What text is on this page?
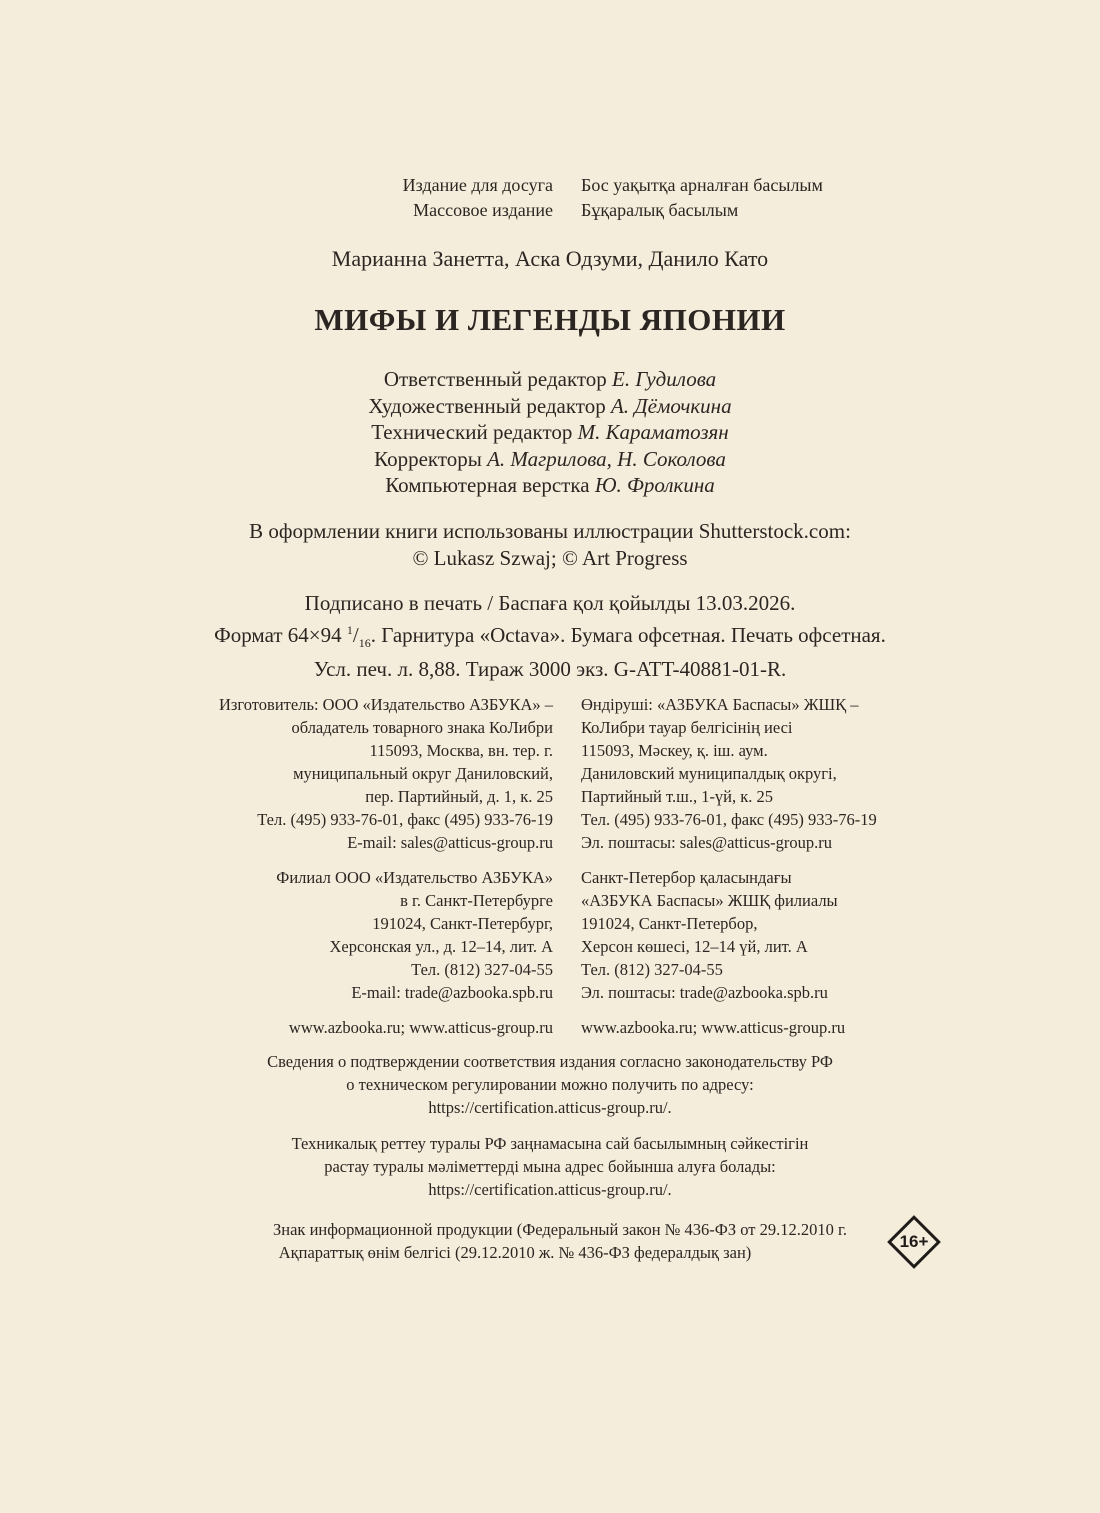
Издание для досуга
Массовое издание
Бос уақытқа арналған басылым
Бұқаралық басылым
Марианна Занетта, Аска Одзуми, Данило Като
МИФЫ И ЛЕГЕНДЫ ЯПОНИИ
Ответственный редактор Е. Гудилова
Художественный редактор А. Дёмочкина
Технический редактор М. Караматозян
Корректоры А. Магрилова, Н. Соколова
Компьютерная верстка Ю. Фролкина
В оформлении книги использованы иллюстрации Shutterstock.com:
© Lukasz Szwaj; © Art Progress
Подписано в печать / Баспаға қол қойылды 13.03.2026.
Формат 64×94 $^1/_{16}$. Гарнитура «Octava». Бумага офсетная. Печать офсетная.
Усл. печ. л. 8,88. Тираж 3000 экз. G-ATT-40881-01-R.
Изготовитель: ООО «Издательство АЗБУКА» –
обладатель товарного знака КоЛибри
115093, Москва, вн. тер. г.
муниципальный округ Даниловский,
пер. Партийный, д. 1, к. 25
Тел. (495) 933-76-01, факс (495) 933-76-19
E-mail: sales@atticus-group.ru
Филиал ООО «Издательство АЗБУКА»
в г. Санкт-Петербурге
191024, Санкт-Петербург,
Херсонская ул., д. 12–14, лит. А
Тел. (812) 327-04-55
E-mail: trade@azbooka.spb.ru
www.azbooka.ru; www.atticus-group.ru
Өндіруші: «АЗБУКА Баспасы» ЖШҚ –
КоЛибри тауар белгісінің иесі
115093, Мәскеу, қ. іш. аум.
Даниловский муниципалдық округі,
Партийный т.ш., 1-үй, к. 25
Тел. (495) 933-76-01, факс (495) 933-76-19
Эл. поштасы: sales@atticus-group.ru
Санкт-Петербор қаласындағы
«АЗБУКА Баспасы» ЖШҚ филиалы
191024, Санкт-Петербор,
Херсон көшесі, 12–14 үй, лит. А
Тел. (812) 327-04-55
Эл. поштасы: trade@azbooka.spb.ru
www.azbooka.ru; www.atticus-group.ru
Сведения о подтверждении соответствия издания согласно законодательству РФ
о техническом регулировании можно получить по адресу:
https://certification.atticus-group.ru/.
Техникалық реттеу туралы РФ заңнамасына сай басылымның сәйкестігін
растау туралы мәліметтерді мына адрес бойынша алуға болады:
https://certification.atticus-group.ru/.
Знак информационной продукции (Федеральный закон № 436-ФЗ от 29.12.2010 г.
Ақпараттық өнім белгісі (29.12.2010 ж. № 436-ФЗ федералдық зан)
16+
